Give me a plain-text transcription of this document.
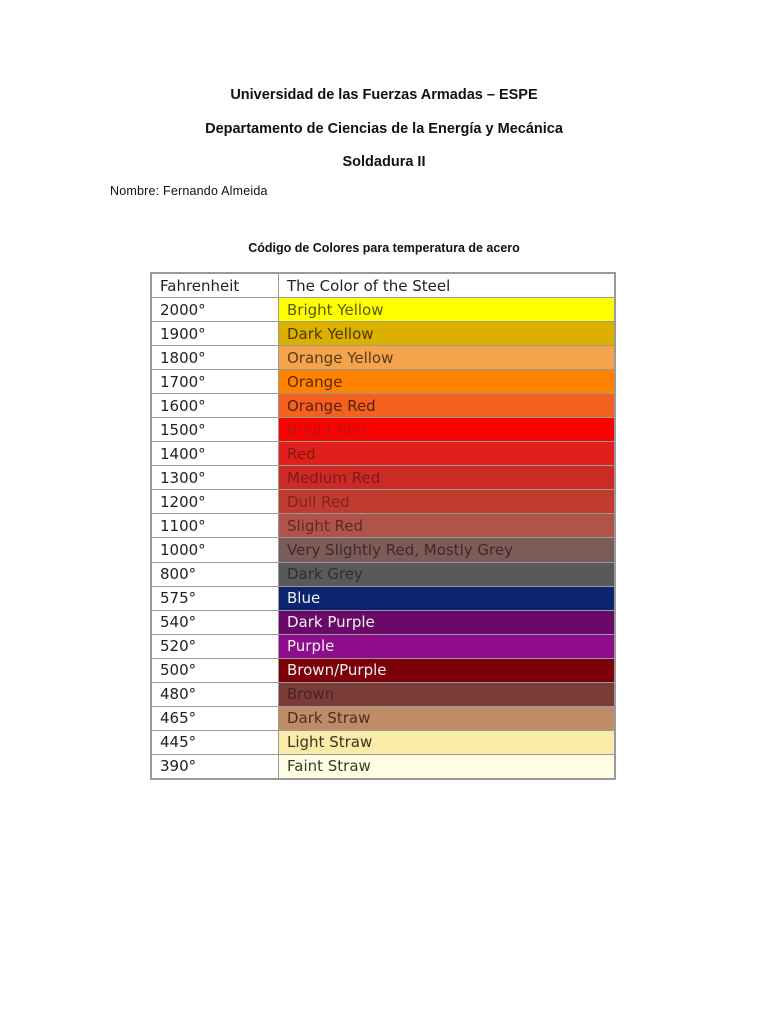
Universidad de las Fuerzas Armadas – ESPE
Departamento de Ciencias de la Energía y Mecánica
Soldadura II
Nombre: Fernando Almeida
Código de Colores para temperatura de acero
Fahrenheit	The Color of the Steel
2000°	Bright Yellow
1900°	Dark Yellow
1800°	Orange Yellow
1700°	Orange
1600°	Orange Red
1500°	Bright Red
1400°	Red
1300°	Medium Red
1200°	Dull Red
1100°	Slight Red
1000°	Very Slightly Red, Mostly Grey
800°	Dark Grey
575°	Blue
540°	Dark Purple
520°	Purple
500°	Brown/Purple
480°	Brown
465°	Dark Straw
445°	Light Straw
390°	Faint Straw
